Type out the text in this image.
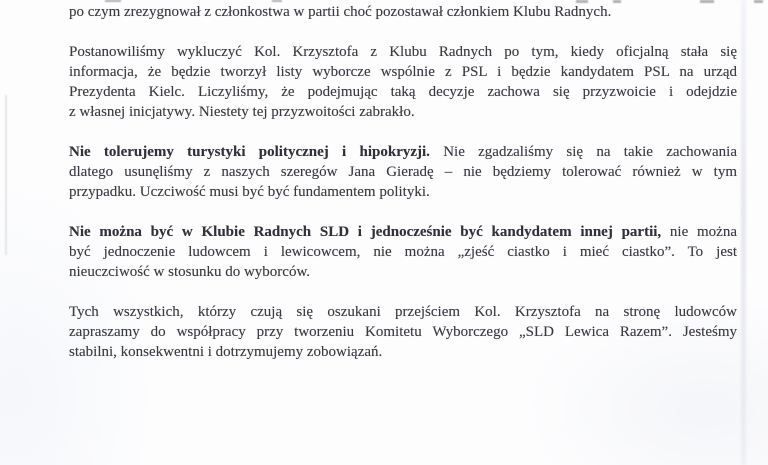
po czym zrezygnował z członkostwa w partii choć pozostawał członkiem Klubu Radnych.
Postanowiliśmy wykluczyć Kol. Krzysztofa z Klubu Radnych po tym, kiedy oficjalną stała się
informacja, że będzie tworzył listy wyborcze wspólnie z PSL i będzie kandydatem PSL na urząd
Prezydenta Kielc. Liczyliśmy, że podejmując taką decyzje zachowa się przyzwoicie i odejdzie
z własnej inicjatywy. Niestety tej przyzwoitości zabrakło.
Nie tolerujemy turystyki politycznej i hipokryzji. Nie zgadzaliśmy się na takie zachowania
dlatego usunęliśmy z naszych szeregów Jana Gieradę – nie będziemy tolerować również w tym
przypadku. Uczciwość musi być być fundamentem polityki.
Nie można być w Klubie Radnych SLD i jednocześnie być kandydatem innej partii, nie można
być jednoczenie ludowcem i lewicowcem, nie można „zjeść ciastko i mieć ciastko”. To jest
nieuczciwość w stosunku do wyborców.
Tych wszystkich, którzy czują się oszukani przejściem Kol. Krzysztofa na stronę ludowców
zapraszamy do współpracy przy tworzeniu Komitetu Wyborczego „SLD Lewica Razem”. Jesteśmy
stabilni, konsekwentni i dotrzymujemy zobowiązań.
